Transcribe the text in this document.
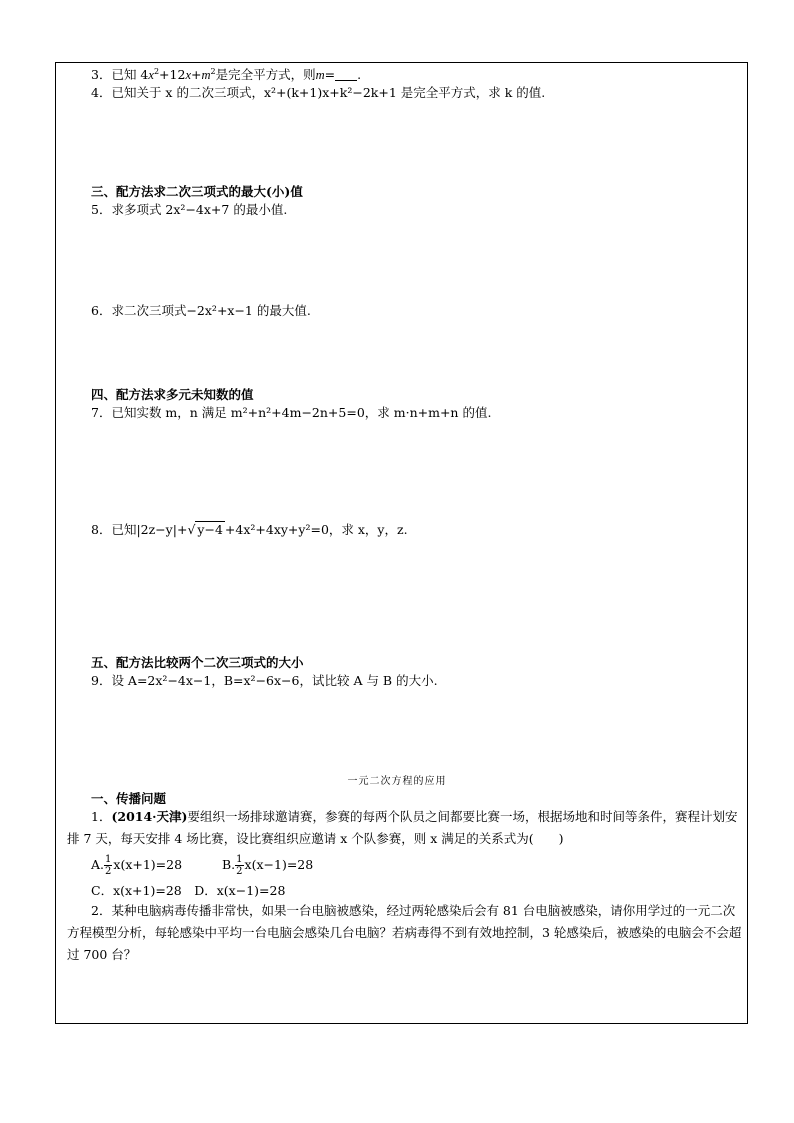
3．已知 $4x^2+12x+m^2$是完全平方式，则m= .
4．已知关于 x 的二次三项式，x²+(k+1)x+k²−2k+1 是完全平方式，求 k 的值.
三、配方法求二次三项式的最大(小)值
5．求多项式 2x²−4x+7 的最小值.
6．求二次三项式−2x²+x−1 的最大值.
四、配方法求多元未知数的值
7．已知实数 m，n 满足 m²+n²+4m−2n+5=0，求 m·n+m+n 的值.
8．已知|2z−y|+√ y−4 +4x²+4xy+y²=0，求 x，y，z.
五、配方法比较两个二次三项式的大小
9．设 A=2x²−4x−1，B=x²−6x−6，试比较 A 与 B 的大小.
一元二次方程的应用
一、传播问题
1．(2014·天津)要组织一场排球邀请赛，参赛的每两个队员之间都要比赛一场，根据场地和时间等条件，赛程计划安排 7 天，每天安排 4 场比赛，设比赛组织应邀请 x 个队参赛，则 x 满足的关系式为(　　)
A. $\frac{1}{2} x(x+1)=28$	B. $\frac{1}{2} x(x-1)=28$
C．x(x+1)=28　D．x(x−1)=28
2．某种电脑病毒传播非常快，如果一台电脑被感染，经过两轮感染后会有 81 台电脑被感染，请你用学过的一元二次方程模型分析，每轮感染中平均一台电脑会感染几台电脑？若病毒得不到有效地控制，3 轮感染后，被感染的电脑会不会超过 700 台？
